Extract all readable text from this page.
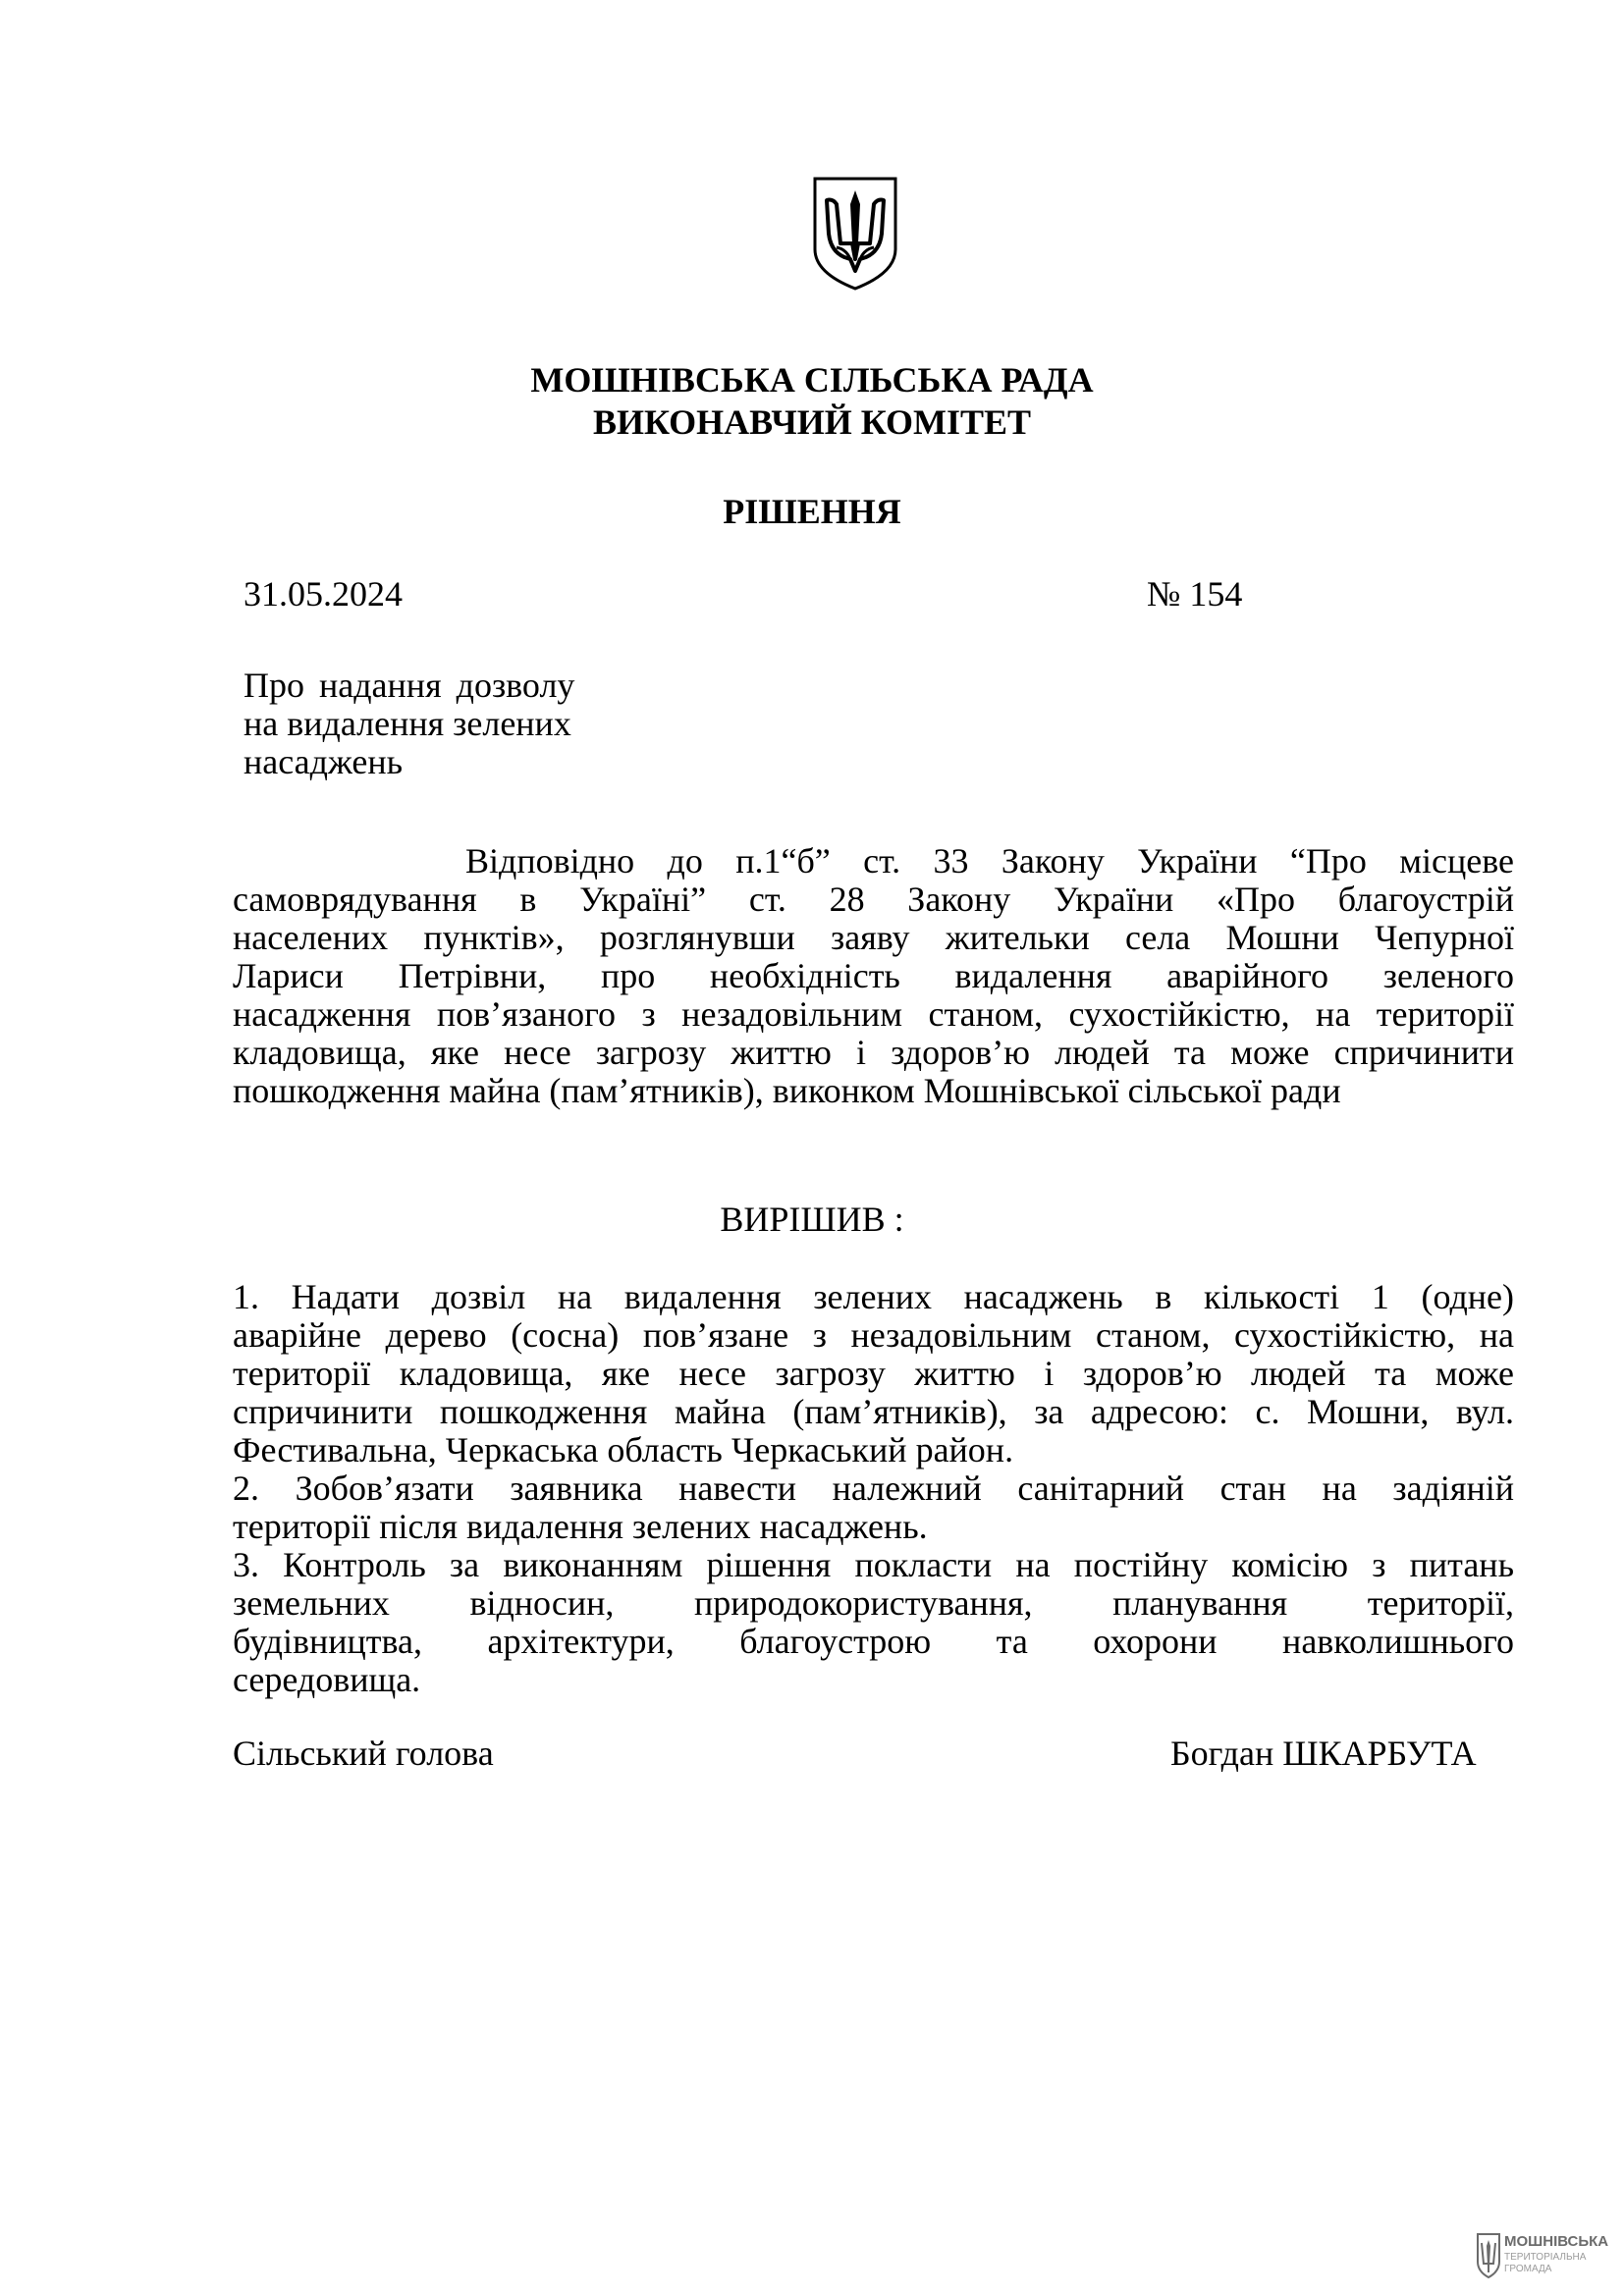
МОШНІВСЬКА СІЛЬСЬКА РАДА
ВИКОНАВЧИЙ КОМІТЕТ
РІШЕННЯ
31.05.2024	№ 154
Про надання дозволу
на видалення зелених
насаджень
Відповідно до п.1“б” ст. 33 Закону України “Про місцеве
самоврядування в Україні” ст. 28 Закону України «Про благоустрій
населених пунктів», розглянувши заяву жительки села Мошни Чепурної
Лариси Петрівни, про необхідність видалення аварійного зеленого
насадження пов’язаного з незадовільним станом, сухостійкістю, на території
кладовища, яке несе загрозу життю і здоров’ю людей та може спричинити
пошкодження майна (пам’ятників), виконком Мошнівської сільської ради
ВИРІШИВ :
1. Надати дозвіл на видалення зелених насаджень в кількості 1 (одне)
аварійне дерево (сосна) пов’язане з незадовільним станом, сухостійкістю, на
території кладовища, яке несе загрозу життю і здоров’ю людей та може
спричинити пошкодження майна (пам’ятників), за адресою: с. Мошни, вул.
Фестивальна, Черкаська область Черкаський район.
2. Зобов’язати заявника навести належний санітарний стан на задіяній
території після видалення зелених насаджень.
3. Контроль за виконанням рішення покласти на постійну комісію з питань
земельних відносин, природокористування, планування території,
будівництва, архітектури, благоустрою та охорони навколишнього
середовища.
Сільський голова	Богдан ШКАРБУТА
МОШНІВСЬКА
ТЕРИТОРІАЛЬНА
ГРОМАДА
